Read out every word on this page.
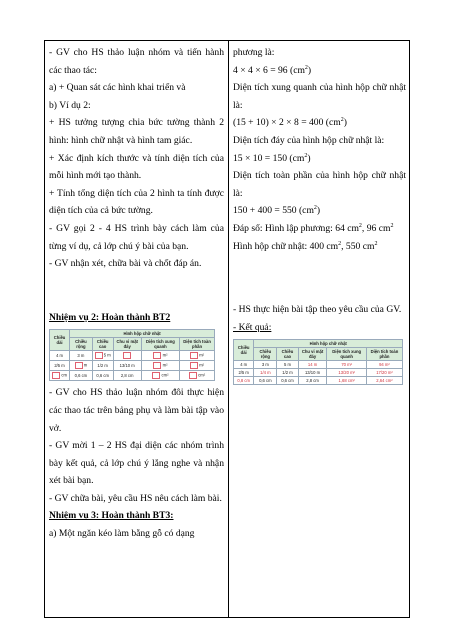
- GV cho HS thảo luận nhóm và tiến hành các thao tác:

a) + Quan sát các hình khai triển và

b) Ví dụ 2:

+ HS tưởng tượng chia bức tường thành 2 hình: hình chữ nhật và hình tam giác.

+ Xác định kích thước và tính diện tích của mỗi hình mới tạo thành.

+ Tính tổng diện tích của 2 hình ta tính được diện tích của cả bức tường.

- GV gọi 2 - 4 HS trình bày cách làm của từng ví dụ, cả lớp chú ý bài của bạn.

- GV nhận xét, chữa bài và chốt đáp án.

Nhiệm vụ 2: Hoàn thành BT2

Chiều dài	Hình hộp chữ nhật				
	Chiều rộng	Chiều cao	Chu vi mặt đáy	Diện tích xung quanh	Diện tích toàn phần
4 m	3 m	5 m		m²	m²
2/5 m	m	1/2 m	13/10 m	m²	m²
cm	0,6 cm	0,6 cm	2,8 cm	cm²	cm²

- GV cho HS thảo luận nhóm đôi thực hiện các thao tác trên bảng phụ và làm bài tập vào vở.

- GV mời 1 – 2 HS đại diện các nhóm trình bày kết quả, cả lớp chú ý lắng nghe và nhận xét bài bạn.

- GV chữa bài, yêu cầu HS nêu cách làm bài.

Nhiệm vụ 3: Hoàn thành BT3:

a) Một ngăn kéo làm bằng gỗ có dạng

phương là:

4 × 4 × 6 = 96 $(cm^2)$

Diện tích xung quanh của hình hộp chữ nhật là:

(15 + 10) × 2 × 8 = 400 $(cm^2)$

Diện tích đáy của hình hộp chữ nhật là:

15 × 10 = 150 $(cm^2)$

Diện tích toàn phần của hình hộp chữ nhật là:

150 + 400 = 550 $(cm^2)$

Đáp số: Hình lập phương: 64 $cm^2$, 96 $cm^2$

Hình hộp chữ nhật: 400 $cm^2$, 550 $cm^2$

- HS thực hiện bài tập theo yêu cầu của GV.

- Kết quả:

Chiều dài	Hình hộp chữ nhật				
	Chiều rộng	Chiều cao	Chu vi mặt đáy	Diện tích xung quanh	Diện tích toàn phần
4 m	3 m	5 m	14 m	70 m²	94 m²
2/5 m	1/4 m	1/2 m	13/10 m	13/20 m²	17/20 m²
0,8 cm	0,6 cm	0,6 cm	2,8 cm	1,68 cm²	2,64 cm²
